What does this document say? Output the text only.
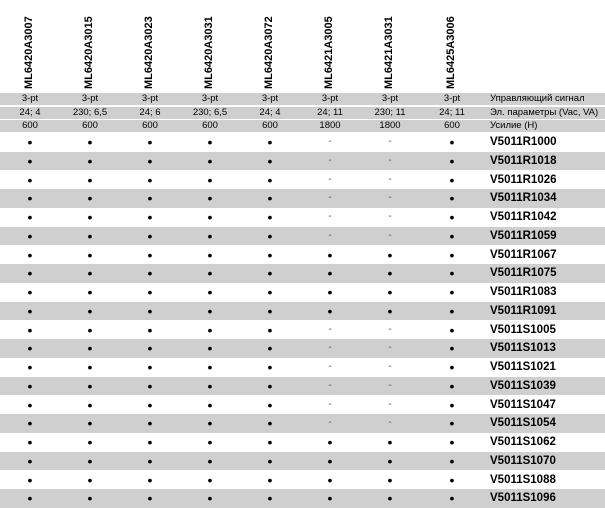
ML6420A3007	ML6420A3015	ML6420A3023	ML6420A3031	ML6420A3072	ML6421A3005	ML6421A3031	ML6425A3006
3-pt	3-pt	3-pt	3-pt	3-pt	3-pt	3-pt	3-pt	Управляющий сигнал
24; 4	230; 6,5	24; 6	230; 6,5	24; 4	24; 11	230; 11	24; 11	Эл. параметры (Vac, VA)
600	600	600	600	600	1800	1800	600	Усилие (Н)
•	•	•	•	•	-	-	•	V5011R1000
•	•	•	•	•	-	-	•	V5011R1018
•	•	•	•	•	-	-	•	V5011R1026
•	•	•	•	•	-	-	•	V5011R1034
•	•	•	•	•	-	-	•	V5011R1042
•	•	•	•	•	-	-	•	V5011R1059
•	•	•	•	•	•	•	•	V5011R1067
•	•	•	•	•	•	•	•	V5011R1075
•	•	•	•	•	•	•	•	V5011R1083
•	•	•	•	•	•	•	•	V5011R1091
•	•	•	•	•	-	-	•	V5011S1005
•	•	•	•	•	-	-	•	V5011S1013
•	•	•	•	•	-	-	•	V5011S1021
•	•	•	•	•	-	-	•	V5011S1039
•	•	•	•	•	-	-	•	V5011S1047
•	•	•	•	•	-	-	•	V5011S1054
•	•	•	•	•	•	•	•	V5011S1062
•	•	•	•	•	•	•	•	V5011S1070
•	•	•	•	•	•	•	•	V5011S1088
•	•	•	•	•	•	•	•	V5011S1096
